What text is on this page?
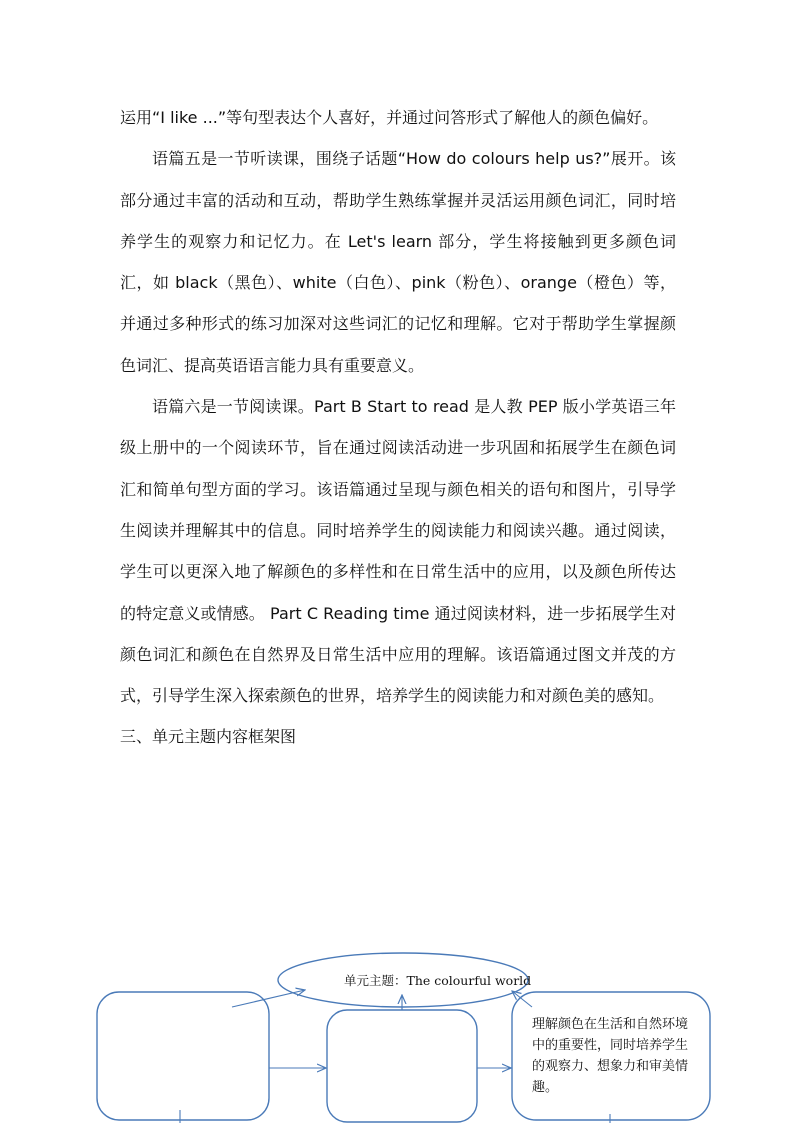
运用“I like ...”等句型表达个人喜好，并通过问答形式了解他人的颜色偏好。

语篇五是一节听读课，围绕子话题“How do colours help us?”展开。该部分通过丰富的活动和互动，帮助学生熟练掌握并灵活运用颜色词汇，同时培养学生的观察力和记忆力。在 Let's learn 部分，学生将接触到更多颜色词汇，如 black（黑色）、white（白色）、pink（粉色）、orange（橙色）等，并通过多种形式的练习加深对这些词汇的记忆和理解。它对于帮助学生掌握颜色词汇、提高英语语言能力具有重要意义。

语篇六是一节阅读课。Part B Start to read 是人教 PEP 版小学英语三年级上册中的一个阅读环节，旨在通过阅读活动进一步巩固和拓展学生在颜色词汇和简单句型方面的学习。该语篇通过呈现与颜色相关的语句和图片，引导学生阅读并理解其中的信息。同时培养学生的阅读能力和阅读兴趣。通过阅读，学生可以更深入地了解颜色的多样性和在日常生活中的应用，以及颜色所传达的特定意义或情感。 Part C Reading time 通过阅读材料，进一步拓展学生对颜色词汇和颜色在自然界及日常生活中应用的理解。该语篇通过图文并茂的方式，引导学生深入探索颜色的世界，培养学生的阅读能力和对颜色美的感知。

三、单元主题内容框架图

单元主题：The colourful world
理解颜色在生活和自然环境中的重要性，同时培养学生的观察力、想象力和审美情趣。
